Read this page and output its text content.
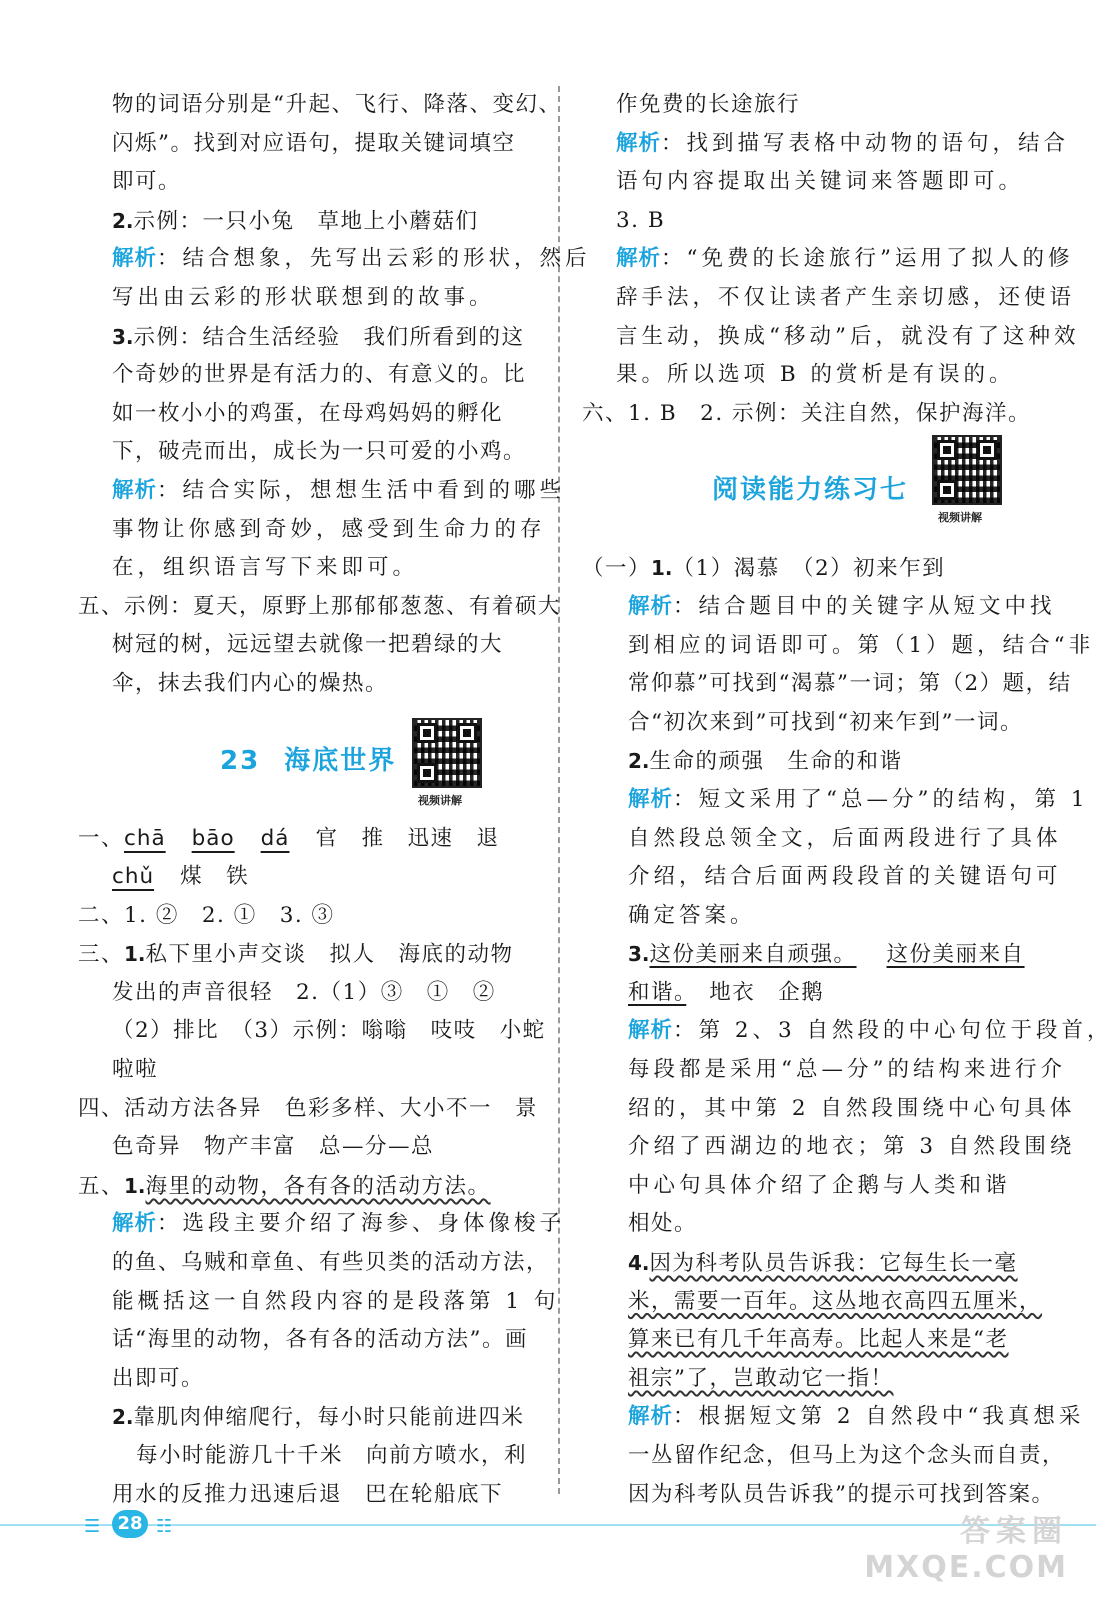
物的词语分别是“升起、飞行、降落、变幻、
闪烁”。找到对应语句，提取关键词填空
即可。
2.示例：一只小兔　草地上小蘑菇们
解析：结合想象，先写出云彩的形状，然后
写出由云彩的形状联想到的故事。
3.示例：结合生活经验　我们所看到的这
个奇妙的世界是有活力的、有意义的。比
如一枚小小的鸡蛋，在母鸡妈妈的孵化
下，破壳而出，成长为一只可爱的小鸡。
解析：结合实际，想想生活中看到的哪些
事物让你感到奇妙，感受到生命力的存
在，组织语言写下来即可。
五、示例：夏天，原野上那郁郁葱葱、有着硕大
树冠的树，远远望去就像一把碧绿的大
伞，抹去我们内心的燥热。
23 海底世界
视频讲解
一、chā bāo dá 官　推　迅速　退
chǔ 煤　铁
二、1. ②　2. ①　3. ③
三、1.私下里小声交谈　拟人　海底的动物
发出的声音很轻　2.（1）③　①　②
（2）排比　（3）示例：嗡嗡　吱吱　小蛇
啦啦
四、活动方法各异　色彩多样、大小不一　景
色奇异　物产丰富　总—分—总
五、1.海里的动物，各有各的活动方法。
解析：选段主要介绍了海参、身体像梭子
的鱼、乌贼和章鱼、有些贝类的活动方法，
能概括这一自然段内容的是段落第 1 句
话“海里的动物，各有各的活动方法”。画
出即可。
2.靠肌肉伸缩爬行，每小时只能前进四米
每小时能游几十千米　向前方喷水，利
用水的反推力迅速后退　巴在轮船底下
作免费的长途旅行
解析：找到描写表格中动物的语句，结合
语句内容提取出关键词来答题即可。
3. B
解析：“免费的长途旅行”运用了拟人的修
辞手法，不仅让读者产生亲切感，还使语
言生动，换成“移动”后，就没有了这种效
果。所以选项 B 的赏析是有误的。
六、1. B　2. 示例：关注自然，保护海洋。
阅读能力练习七
视频讲解
（一）1.（1）渴慕　（2）初来乍到
解析：结合题目中的关键字从短文中找
到相应的词语即可。第（1）题，结合“非
常仰慕”可找到“渴慕”一词；第（2）题，结
合“初次来到”可找到“初来乍到”一词。
2.生命的顽强　生命的和谐
解析：短文采用了“总—分”的结构，第 1
自然段总领全文，后面两段进行了具体
介绍，结合后面两段段首的关键语句可
确定答案。
3.这份美丽来自顽强。 这份美丽来自
和谐。　地衣　企鹅
解析：第 2、3 自然段的中心句位于段首，
每段都是采用“总—分”的结构来进行介
绍的，其中第 2 自然段围绕中心句具体
介绍了西湖边的地衣；第 3 自然段围绕
中心句具体介绍了企鹅与人类和谐
相处。
4.因为科考队员告诉我：它每生长一毫
米，需要一百年。这丛地衣高四五厘米，
算来已有几千年高寿。比起人来是“老
祖宗”了，岂敢动它一指！
解析：根据短文第 2 自然段中“我真想采
一丛留作纪念，但马上为这个念头而自责，
因为科考队员告诉我”的提示可找到答案。
☰ 28 ☷	答案圈
MXQE.COM
